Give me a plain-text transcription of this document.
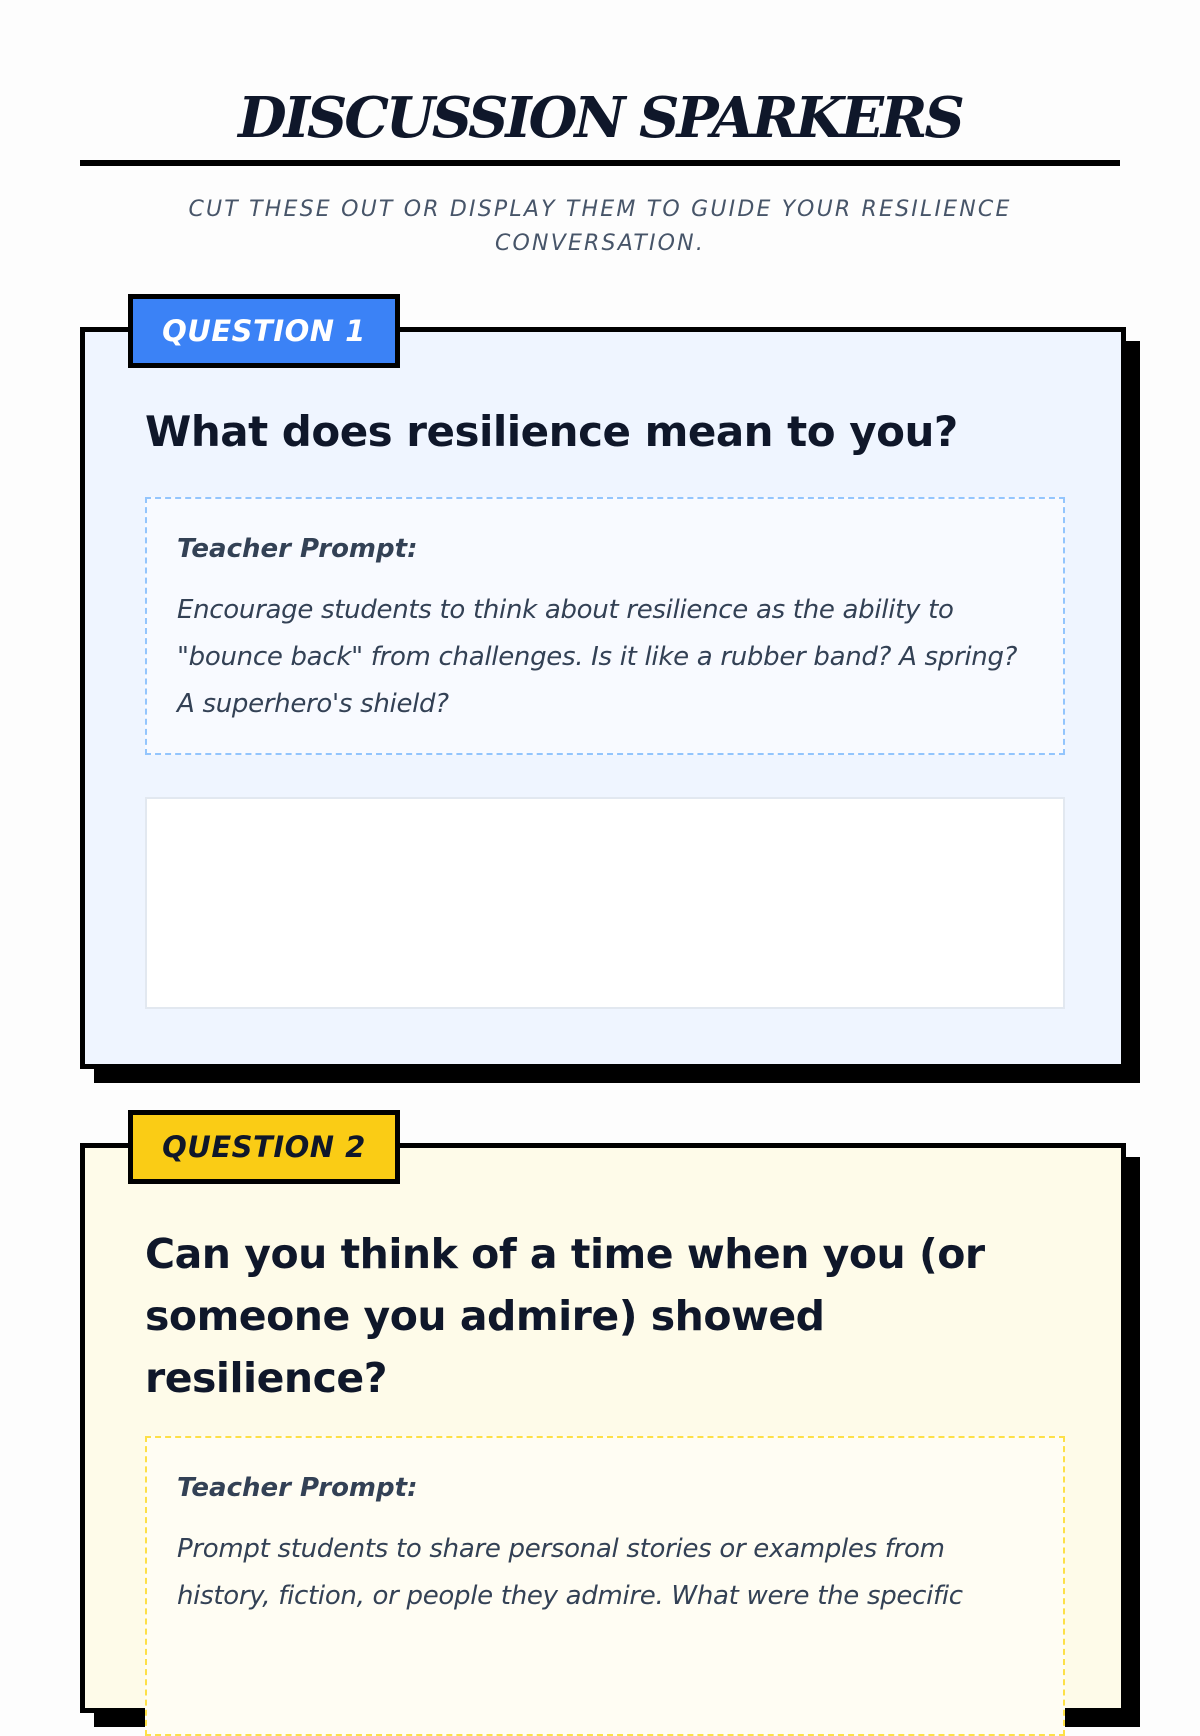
DISCUSSION SPARKERS
CUT THESE OUT OR DISPLAY THEM TO GUIDE YOUR RESILIENCE CONVERSATION.
What does resilience mean to you?
Teacher Prompt:
Encourage students to think about resilience as the ability to "bounce back" from challenges. Is it like a rubber band? A spring? A superhero's shield?
QUESTION 1
Can you think of a time when you (or someone you admire) showed resilience?
Teacher Prompt:
Prompt students to share personal stories or examples from history, fiction, or people they admire. What were the specific
QUESTION 2
